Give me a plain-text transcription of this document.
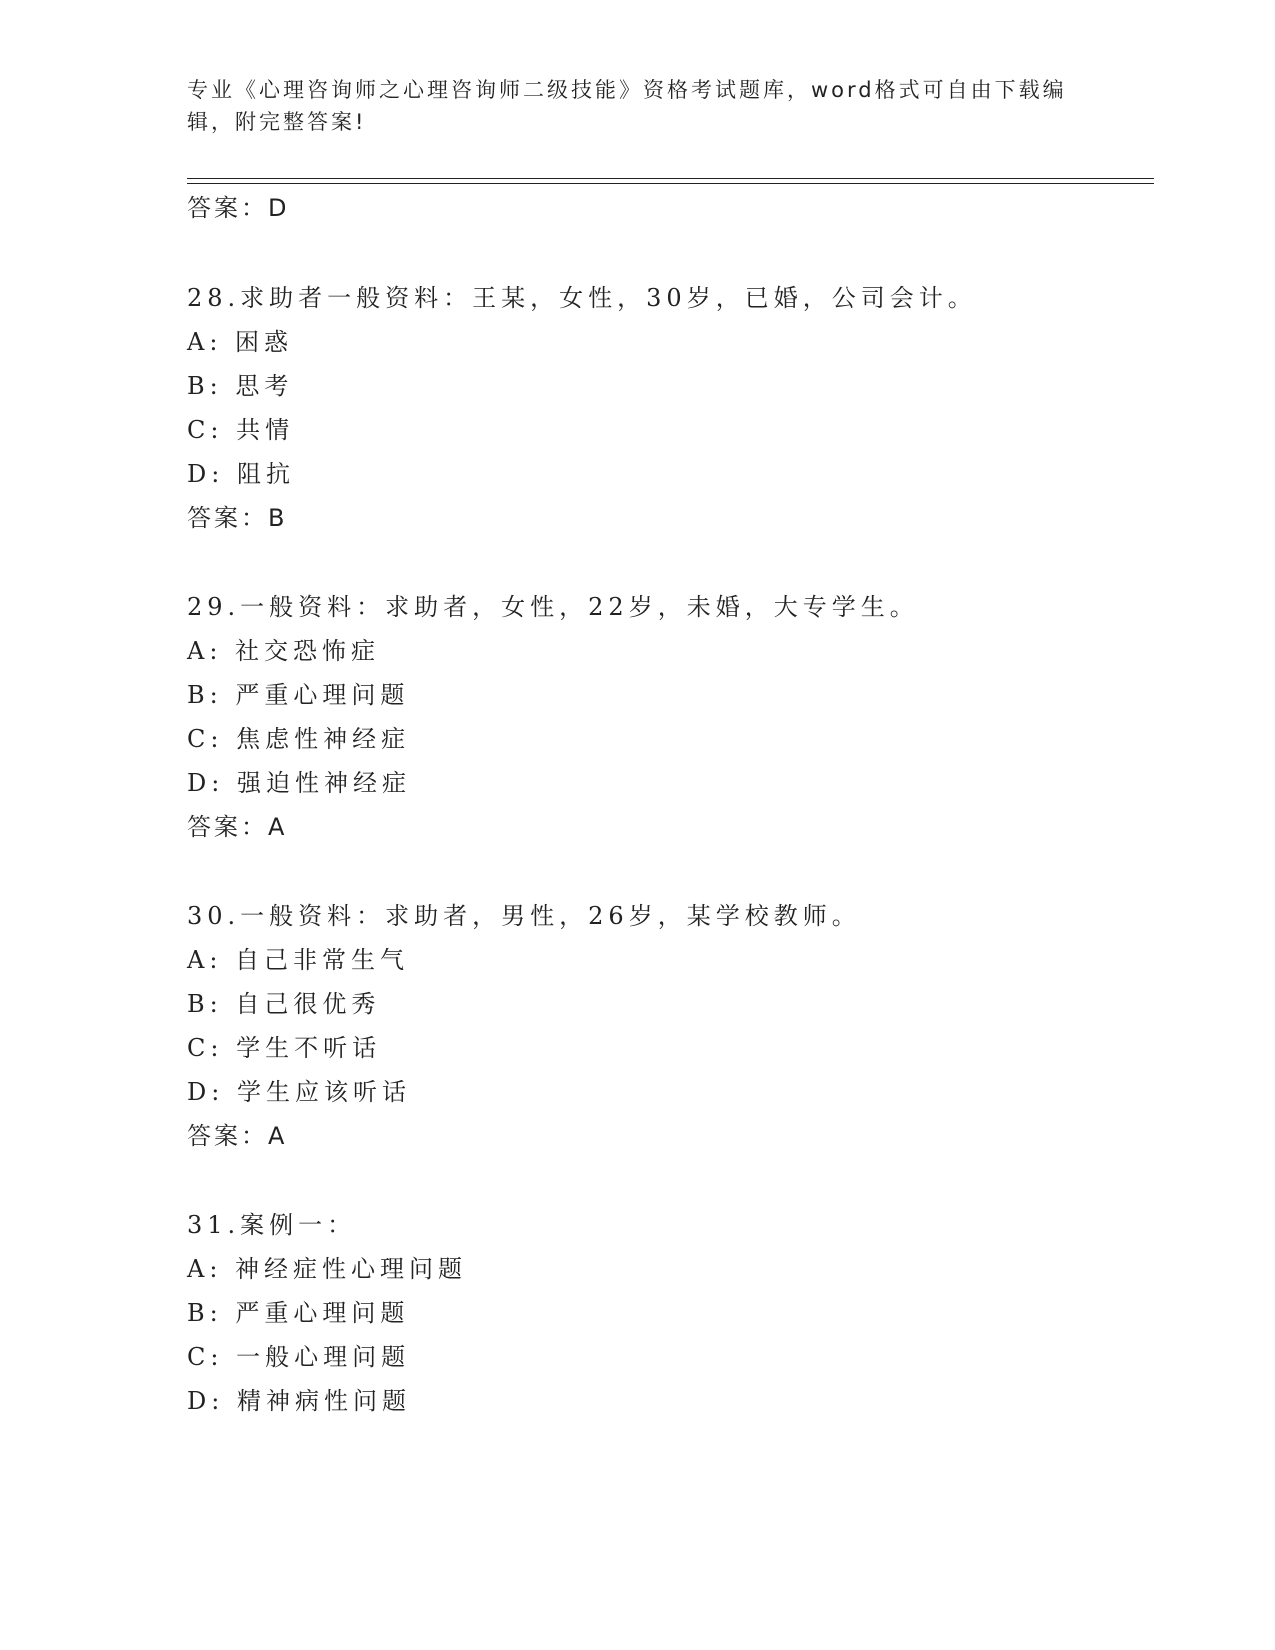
专业《心理咨询师之心理咨询师二级技能》资格考试题库，word格式可自由下载编辑，附完整答案!
答案：D
28.求助者一般资料：王某，女性，30岁，已婚，公司会计。
A: 困惑
B: 思考
C: 共情
D: 阻抗
答案：B
29.一般资料：求助者，女性，22岁，未婚，大专学生。
A: 社交恐怖症
B: 严重心理问题
C: 焦虑性神经症
D: 强迫性神经症
答案：A
30.一般资料：求助者，男性，26岁，某学校教师。
A: 自己非常生气
B: 自己很优秀
C: 学生不听话
D: 学生应该听话
答案：A
31.案例一：
A: 神经症性心理问题
B: 严重心理问题
C: 一般心理问题
D: 精神病性问题
